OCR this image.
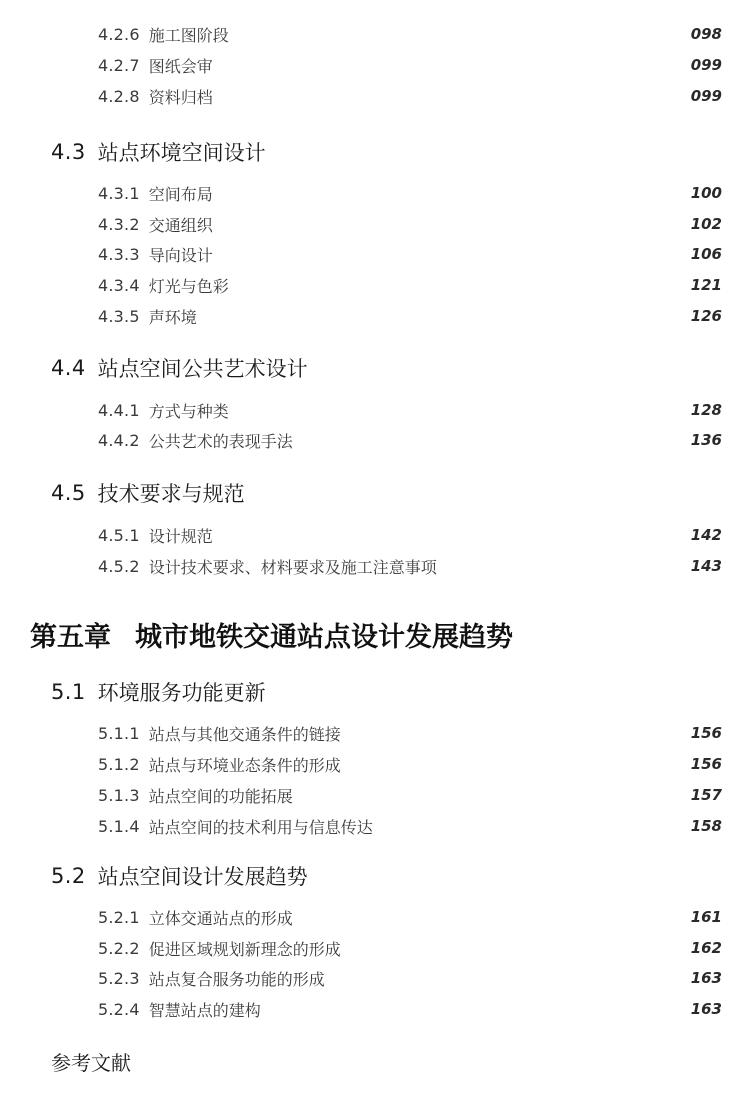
4.2.6 施工图阶段	098
4.2.7 图纸会审	099
4.2.8 资料归档	099
4.3 站点环境空间设计
4.3.1 空间布局	100
4.3.2 交通组织	102
4.3.3 导向设计	106
4.3.4 灯光与色彩	121
4.3.5 声环境	126
4.4 站点空间公共艺术设计
4.4.1 方式与种类	128
4.4.2 公共艺术的表现手法	136
4.5 技术要求与规范
4.5.1 设计规范	142
4.5.2 设计技术要求、材料要求及施工注意事项	143
第五章 城市地铁交通站点设计发展趋势
5.1 环境服务功能更新
5.1.1 站点与其他交通条件的链接	156
5.1.2 站点与环境业态条件的形成	156
5.1.3 站点空间的功能拓展	157
5.1.4 站点空间的技术利用与信息传达	158
5.2 站点空间设计发展趋势
5.2.1 立体交通站点的形成	161
5.2.2 促进区域规划新理念的形成	162
5.2.3 站点复合服务功能的形成	163
5.2.4 智慧站点的建构	163
参考文献
